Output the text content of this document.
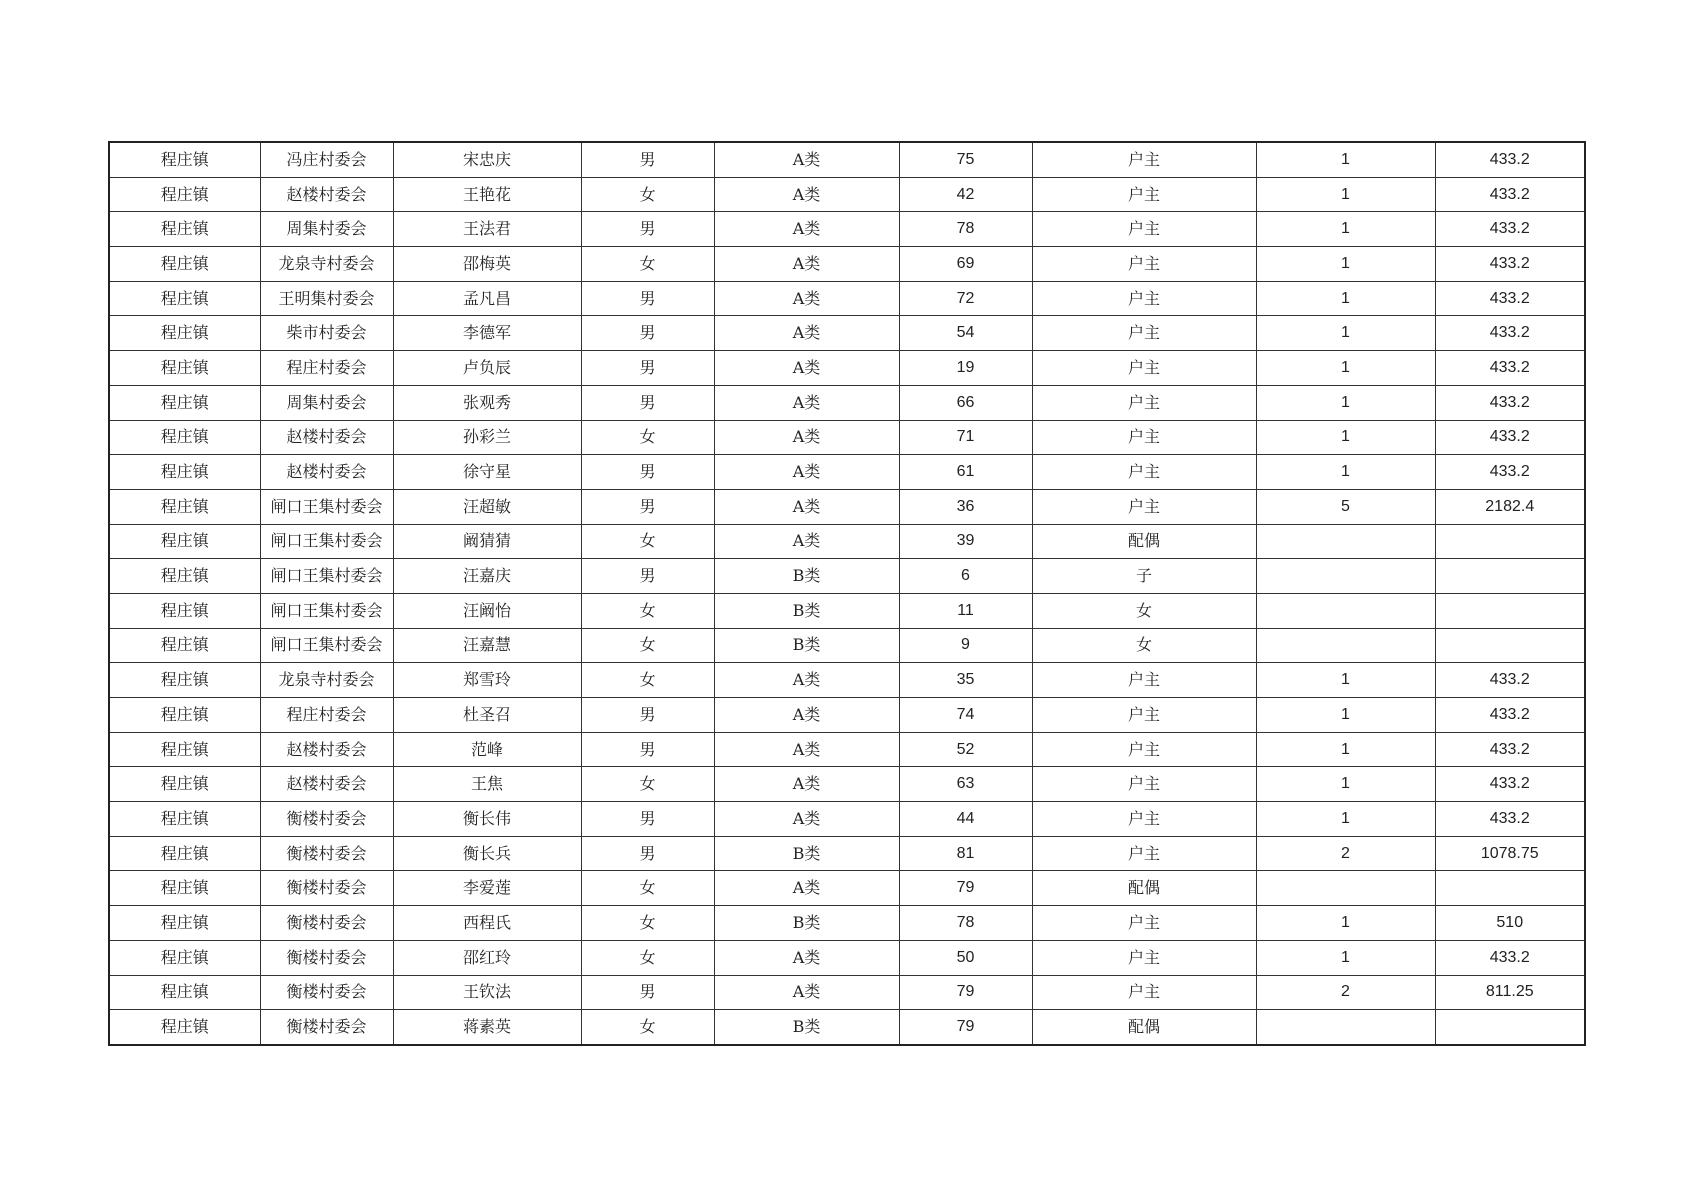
程庄镇	冯庄村委会	宋忠庆	男	A类	75	户主	1	433.2
程庄镇	赵楼村委会	王艳花	女	A类	42	户主	1	433.2
程庄镇	周集村委会	王法君	男	A类	78	户主	1	433.2
程庄镇	龙泉寺村委会	邵梅英	女	A类	69	户主	1	433.2
程庄镇	王明集村委会	孟凡昌	男	A类	72	户主	1	433.2
程庄镇	柴市村委会	李德军	男	A类	54	户主	1	433.2
程庄镇	程庄村委会	卢负辰	男	A类	19	户主	1	433.2
程庄镇	周集村委会	张观秀	男	A类	66	户主	1	433.2
程庄镇	赵楼村委会	孙彩兰	女	A类	71	户主	1	433.2
程庄镇	赵楼村委会	徐守星	男	A类	61	户主	1	433.2
程庄镇	闸口王集村委会	汪超敏	男	A类	36	户主	5	2182.4
程庄镇	闸口王集村委会	阚猜猜	女	A类	39	配偶		
程庄镇	闸口王集村委会	汪嘉庆	男	B类	6	子		
程庄镇	闸口王集村委会	汪阚怡	女	B类	11	女		
程庄镇	闸口王集村委会	汪嘉慧	女	B类	9	女		
程庄镇	龙泉寺村委会	郑雪玲	女	A类	35	户主	1	433.2
程庄镇	程庄村委会	杜圣召	男	A类	74	户主	1	433.2
程庄镇	赵楼村委会	范峰	男	A类	52	户主	1	433.2
程庄镇	赵楼村委会	王焦	女	A类	63	户主	1	433.2
程庄镇	衡楼村委会	衡长伟	男	A类	44	户主	1	433.2
程庄镇	衡楼村委会	衡长兵	男	B类	81	户主	2	1078.75
程庄镇	衡楼村委会	李爱莲	女	A类	79	配偶		
程庄镇	衡楼村委会	西程氏	女	B类	78	户主	1	510
程庄镇	衡楼村委会	邵红玲	女	A类	50	户主	1	433.2
程庄镇	衡楼村委会	王钦法	男	A类	79	户主	2	811.25
程庄镇	衡楼村委会	蒋素英	女	B类	79	配偶		
